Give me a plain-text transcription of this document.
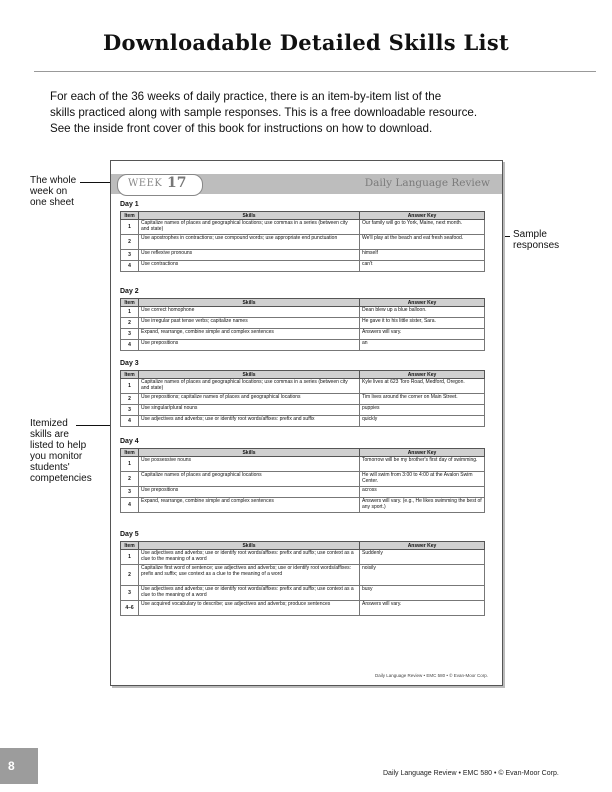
Downloadable Detailed Skills List
For each of the 36 weeks of daily practice, there is an item-by-item list of the
skills practiced along with sample responses. This is a free downloadable resource.
See the inside front cover of this book for instructions on how to download.
The whole
week on
one sheet
Sample
responses
Itemized
skills are
listed to help
you monitor
students'
competencies
WEEK 17	Daily Language Review
Day 1
Item	Skills	Answer Key
1	Capitalize names of places and geographical locations; use commas in a series (between city and state)	Our family will go to York, Maine, next month.
2	Use apostrophes in contractions; use compound words; use appropriate end punctuation	We'll play at the beach and eat fresh seafood.
3	Use reflexive pronouns	himself
4	Use contractions	can't
Day 2
Item	Skills	Answer Key
1	Use correct homophone	Dean blew up a blue balloon.
2	Use irregular past tense verbs; capitalize names	He gave it to his little sister, Sara.
3	Expand, rearrange, combine simple and complex sentences	Answers will vary.
4	Use prepositions	an
Day 3
Item	Skills	Answer Key
1	Capitalize names of places and geographical locations; use commas in a series (between city and state)	Kyle lives at 623 Toro Road, Medford, Oregon.
2	Use prepositions; capitalize names of places and geographical locations	Tim lives around the corner on Main Street.
3	Use singular/plural nouns	puppies
4	Use adjectives and adverbs; use or identify root words/affixes: prefix and suffix	quickly
Day 4
Item	Skills	Answer Key
1	Use possessive nouns	Tomorrow will be my brother's first day of swimming.
2	Capitalize names of places and geographical locations	He will swim from 3:00 to 4:00 at the Avalon Swim Center.
3	Use prepositions	across
4	Expand, rearrange, combine simple and complex sentences	Answers will vary. (e.g., He likes swimming the best of any sport.)
Day 5
Item	Skills	Answer Key
1	Use adjectives and adverbs; use or identify root words/affixes: prefix and suffix; use context as a clue to the meaning of a word	Suddenly
2	Capitalize first word of sentence; use adjectives and adverbs; use or identify root words/affixes: prefix and suffix; use context as a clue to the meaning of a word	noisily
3	Use adjectives and adverbs; use or identify root words/affixes: prefix and suffix; use context as a clue to the meaning of a word	busy
4–6	Use acquired vocabulary to describe; use adjectives and adverbs; produce sentences	Answers will vary.
Daily Language Review • EMC 580 • © Evan-Moor Corp.
8
Daily Language Review • EMC 580 • © Evan-Moor Corp.
